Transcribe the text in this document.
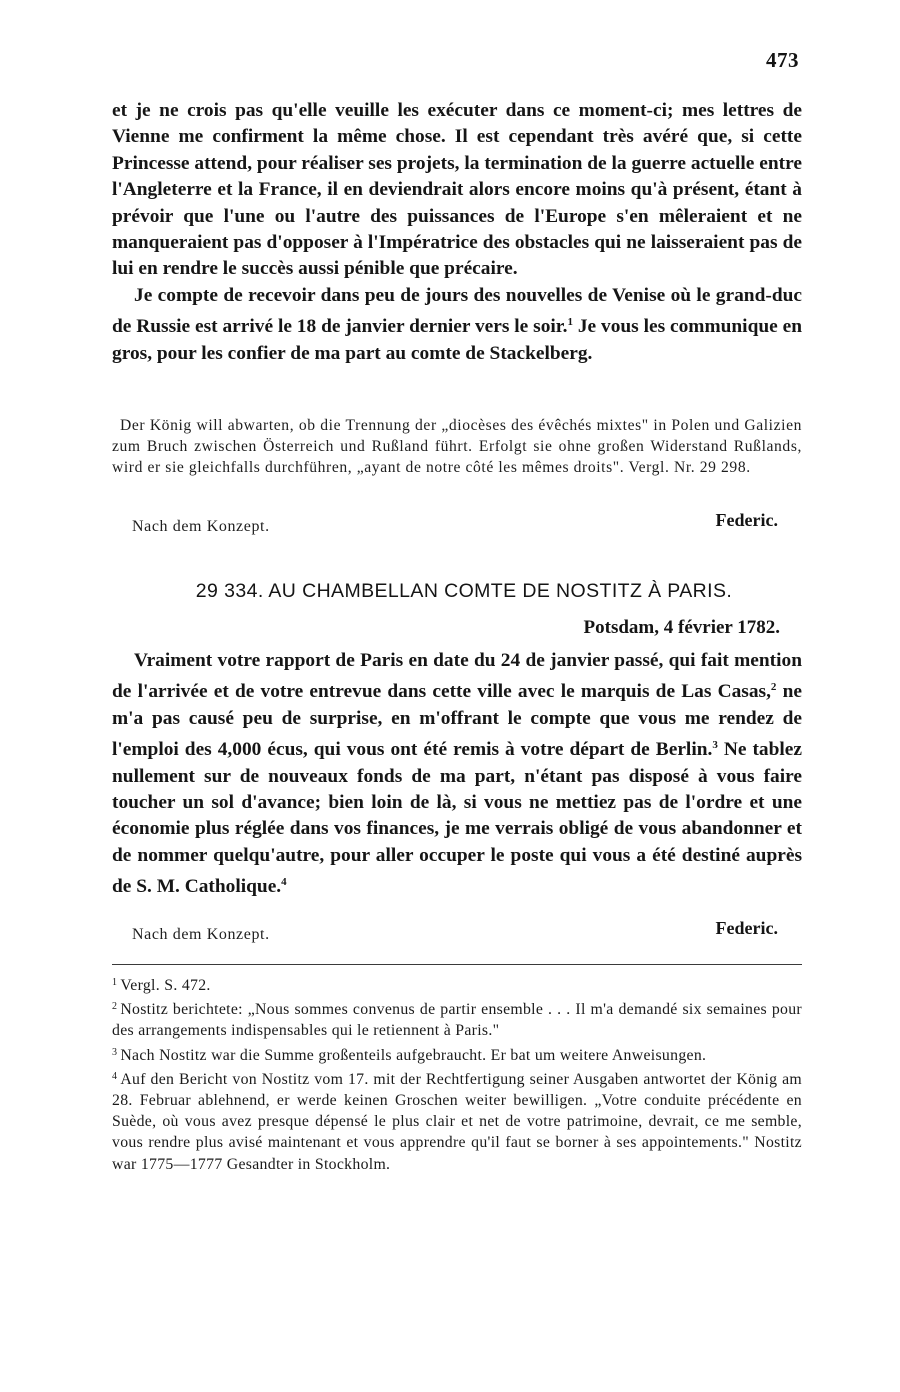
473

et je ne crois pas qu'elle veuille les exécuter dans ce moment-ci; mes lettres de Vienne me confirment la même chose. Il est cependant très avéré que, si cette Princesse attend, pour réaliser ses projets, la termination de la guerre actuelle entre l'Angleterre et la France, il en deviendrait alors encore moins qu'à présent, étant à prévoir que l'une ou l'autre des puissances de l'Europe s'en mêleraient et ne manqueraient pas d'opposer à l'Impératrice des obstacles qui ne laisseraient pas de lui en rendre le succès aussi pénible que précaire.

Je compte de recevoir dans peu de jours des nouvelles de Venise où le grand-duc de Russie est arrivé le 18 de janvier dernier vers le soir.$^1$ Je vous les communique en gros, pour les confier de ma part au comte de Stackelberg.

Der König will abwarten, ob die Trennung der „diocèses des évêchés mixtes" in Polen und Galizien zum Bruch zwischen Österreich und Rußland führt. Erfolgt sie ohne großen Widerstand Rußlands, wird er sie gleichfalls durchführen, „ayant de notre côté les mêmes droits". Vergl. Nr. 29 298.

Nach dem Konzept.	Federic.

29 334. AU CHAMBELLAN COMTE DE NOSTITZ À PARIS.

Potsdam, 4 février 1782.

Vraiment votre rapport de Paris en date du 24 de janvier passé, qui fait mention de l'arrivée et de votre entrevue dans cette ville avec le marquis de Las Casas,$^2$ ne m'a pas causé peu de surprise, en m'offrant le compte que vous me rendez de l'emploi des 4,000 écus, qui vous ont été remis à votre départ de Berlin.$^3$ Ne tablez nullement sur de nouveaux fonds de ma part, n'étant pas disposé à vous faire toucher un sol d'avance; bien loin de là, si vous ne mettiez pas de l'ordre et une économie plus réglée dans vos finances, je me verrais obligé de vous abandonner et de nommer quelqu'autre, pour aller occuper le poste qui vous a été destiné auprès de S. M. Catholique.$^4$

Nach dem Konzept.	Federic.

$^1$ Vergl. S. 472.

$^2$ Nostitz berichtete: „Nous sommes convenus de partir ensemble . . . Il m'a demandé six semaines pour des arrangements indispensables qui le retiennent à Paris."

$^3$ Nach Nostitz war die Summe großenteils aufgebraucht. Er bat um weitere Anweisungen.

$^4$ Auf den Bericht von Nostitz vom 17. mit der Rechtfertigung seiner Ausgaben antwortet der König am 28. Februar ablehnend, er werde keinen Groschen weiter bewilligen. „Votre conduite précédente en Suède, où vous avez presque dépensé le plus clair et net de votre patrimoine, devrait, ce me semble, vous rendre plus avisé maintenant et vous apprendre qu'il faut se borner à ses appointements." Nostitz war 1775—1777 Gesandter in Stockholm.
